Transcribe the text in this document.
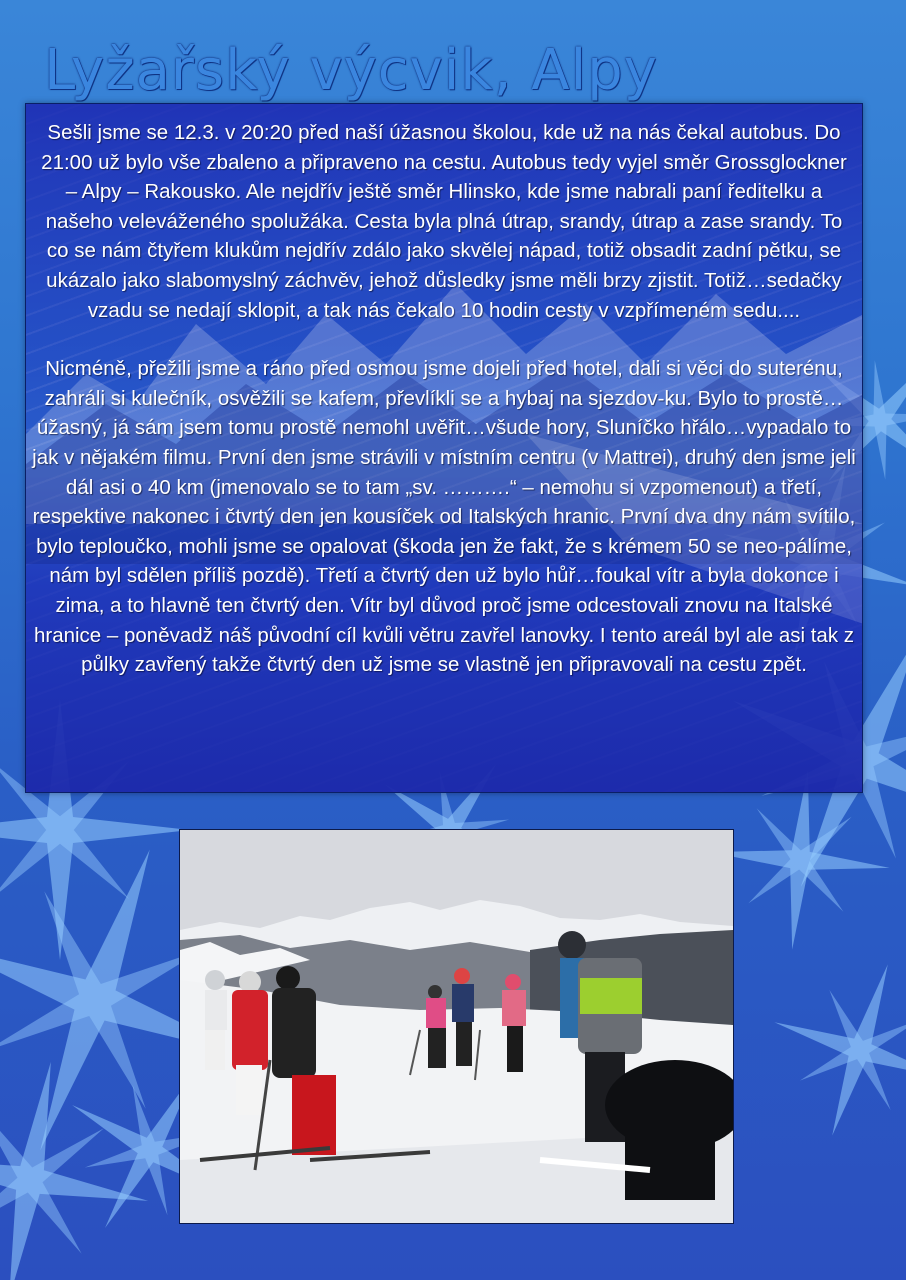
Lyžařský výcvik, Alpy

Sešli jsme se 12.3. v 20:20 před naší úžasnou školou, kde už na nás čekal autobus. Do 21:00 už bylo vše zbaleno a připraveno na cestu. Autobus tedy vyjel směr Grossglockner – Alpy – Rakousko. Ale nejdřív ještě směr Hlinsko, kde jsme nabrali paní ředitelku a našeho veleváženého spolužáka. Cesta byla plná útrap, srandy, útrap a zase srandy. To co se nám čtyřem klukům nejdřív zdálo jako skvělej nápad, totiž obsadit zadní pětku, se ukázalo jako slabomyslný záchvěv, jehož důsledky jsme měli brzy zjistit. Totiž…sedačky vzadu se nedají sklopit, a tak nás čekalo 10 hodin cesty v vzpřímeném sedu....

Nicméně, přežili jsme a ráno před osmou jsme dojeli před hotel, dali si věci do suterénu, zahráli si kulečník, osvěžili se kafem, převlíkli se a hybaj na sjezdov-ku. Bylo to prostě…úžasný, já sám jsem tomu prostě nemohl uvěřit…všude hory, Sluníčko hřálo…vypadalo to jak v nějakém filmu. První den jsme strávili v místním centru (v Mattrei), druhý den jsme jeli dál asi o 40 km (jmenovalo se to tam „sv. ……….“ – nemohu si vzpomenout) a třetí, respektive nakonec i čtvrtý den jen kousíček od Italských hranic. První dva dny nám svítilo, bylo teploučko, mohli jsme se opalovat (škoda jen že fakt, že s krémem 50 se neo-pálíme, nám byl sdělen příliš pozdě). Třetí a čtvrtý den už bylo hůř…foukal vítr a byla dokonce i zima, a to hlavně ten čtvrtý den. Vítr byl důvod proč jsme odcestovali znovu na Italské hranice – poněvadž náš původní cíl kvůli větru zavřel lanovky. I tento areál byl ale asi tak z půlky zavřený takže čtvrtý den už jsme se vlastně jen připravovali na cestu zpět.
